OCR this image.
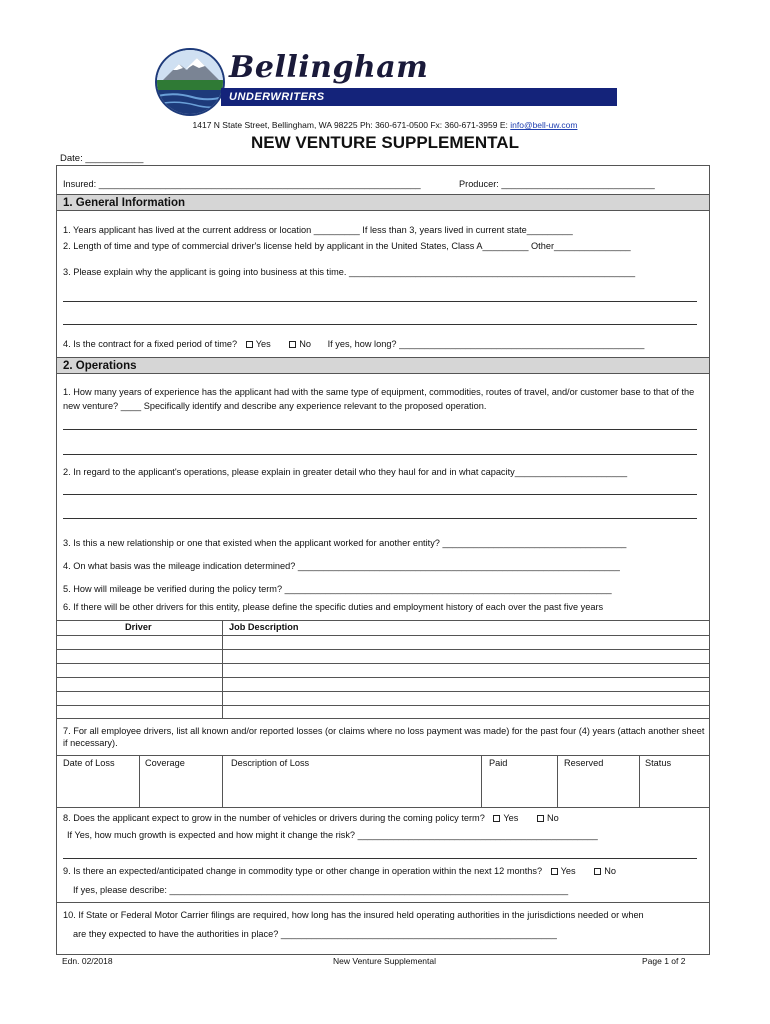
Bellingham
UNDERWRITERS
1417 N State Street, Bellingham, WA 98225 Ph: 360-671-0500 Fx: 360-671-3959 E: info@bell-uw.com
NEW VENTURE SUPPLEMENTAL
Date: ___________
Insured: _______________________________________________________________	Producer: ______________________________
1. General Information
1. Years applicant has lived at the current address or location _________ If less than 3, years lived in current state_________
2. Length of time and type of commercial driver's license held by applicant in the United States, Class A_________ Other_______________
3. Please explain why the applicant is going into business at this time. ________________________________________________________
4. Is the contract for a fixed period of time? Yes	No If yes, how long? ________________________________________________
2. Operations
1. How many years of experience has the applicant had with the same type of equipment, commodities, routes of travel, and/or customer base to that of the new venture? ____ Specifically identify and describe any experience relevant to the proposed operation.
2. In regard to the applicant's operations, please explain in greater detail who they haul for and in what capacity______________________
3. Is this a new relationship or one that existed when the applicant worked for another entity? ____________________________________
4. On what basis was the mileage indication determined? _______________________________________________________________
5. How will mileage be verified during the policy term? ________________________________________________________________
6. If there will be other drivers for this entity, please define the specific duties and employment history of each over the past five years
Driver	Job Description
7. For all employee drivers, list all known and/or reported losses (or claims where no loss payment was made) for the past four (4) years (attach another sheet if necessary).
Date of Loss	Coverage	Description of Loss	Paid	Reserved	Status
8. Does the applicant expect to grow in the number of vehicles or drivers during the coming policy term? Yes	No
If Yes, how much growth is expected and how might it change the risk? _______________________________________________
9. Is there an expected/anticipated change in commodity type or other change in operation within the next 12 months? Yes	No
If yes, please describe: ______________________________________________________________________________
10. If State or Federal Motor Carrier filings are required, how long has the insured held operating authorities in the jurisdictions needed or when
are they expected to have the authorities in place? ______________________________________________________
Edn. 02/2018	New Venture Supplemental	Page 1 of 2
